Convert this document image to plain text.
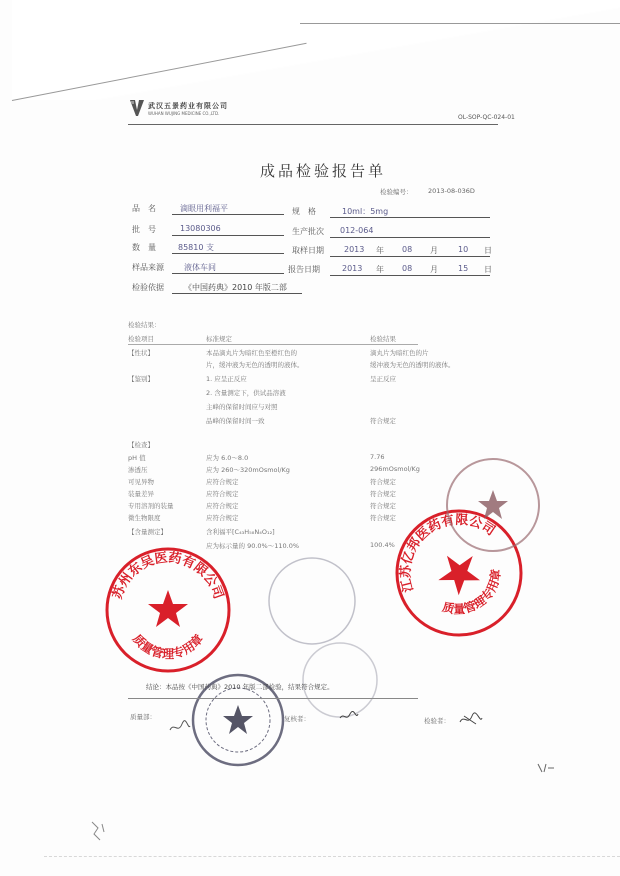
武汉五景药业有限公司
WUHAN WUJING MEDICINE CO.,LTD.
OL-SOP-QC-024-01
成品检验报告单
检验编号： 2013-08-036D
品　名	滴眼用利福平	规　格	10ml：5mg
批　号	13080306	生产批次 012-064
数　量	85810 支	取样日期	2013 年 08 月	10 日
样品来源	液体车间	报告日期	2013 年 08 月	15 日
检验依据	《中国药典》2010 年版二部
检验结果：
检验项目	标准规定	检验结果
【性状】	本品滴丸片为暗红色至橙红色的	滴丸片为暗红色的片
片，缓冲液为无色的透明的液体。	缓冲液为无色的透明的液体。
【鉴别】	1. 应呈正反应	呈正反应
2. 含量测定下，供试品溶液
主峰的保留时间应与对照
品峰的保留时间一致	符合规定
【检查】
pH 值	应为 6.0～8.0	7.76
渗透压	应为 260～320mOsmol/Kg	296mOsmol/Kg
可见异物	应符合规定	符合规定
装量差异	应符合规定	符合规定
专用溶剂的装量	应符合规定	符合规定
微生物限度	应符合规定	符合规定
【含量测定】	含利福平[C₄₃H₅₈N₄O₁₂]
应为标示量的 90.0%～110.0%	100.4%
苏州东吴医药有限公司
质量管理专用章
江苏亿邦医药有限公司
质量管理专用章
结论：本品按《中国药典》2010 年版二部检验，结果符合规定。
质量部：	复核者：	检验者：
